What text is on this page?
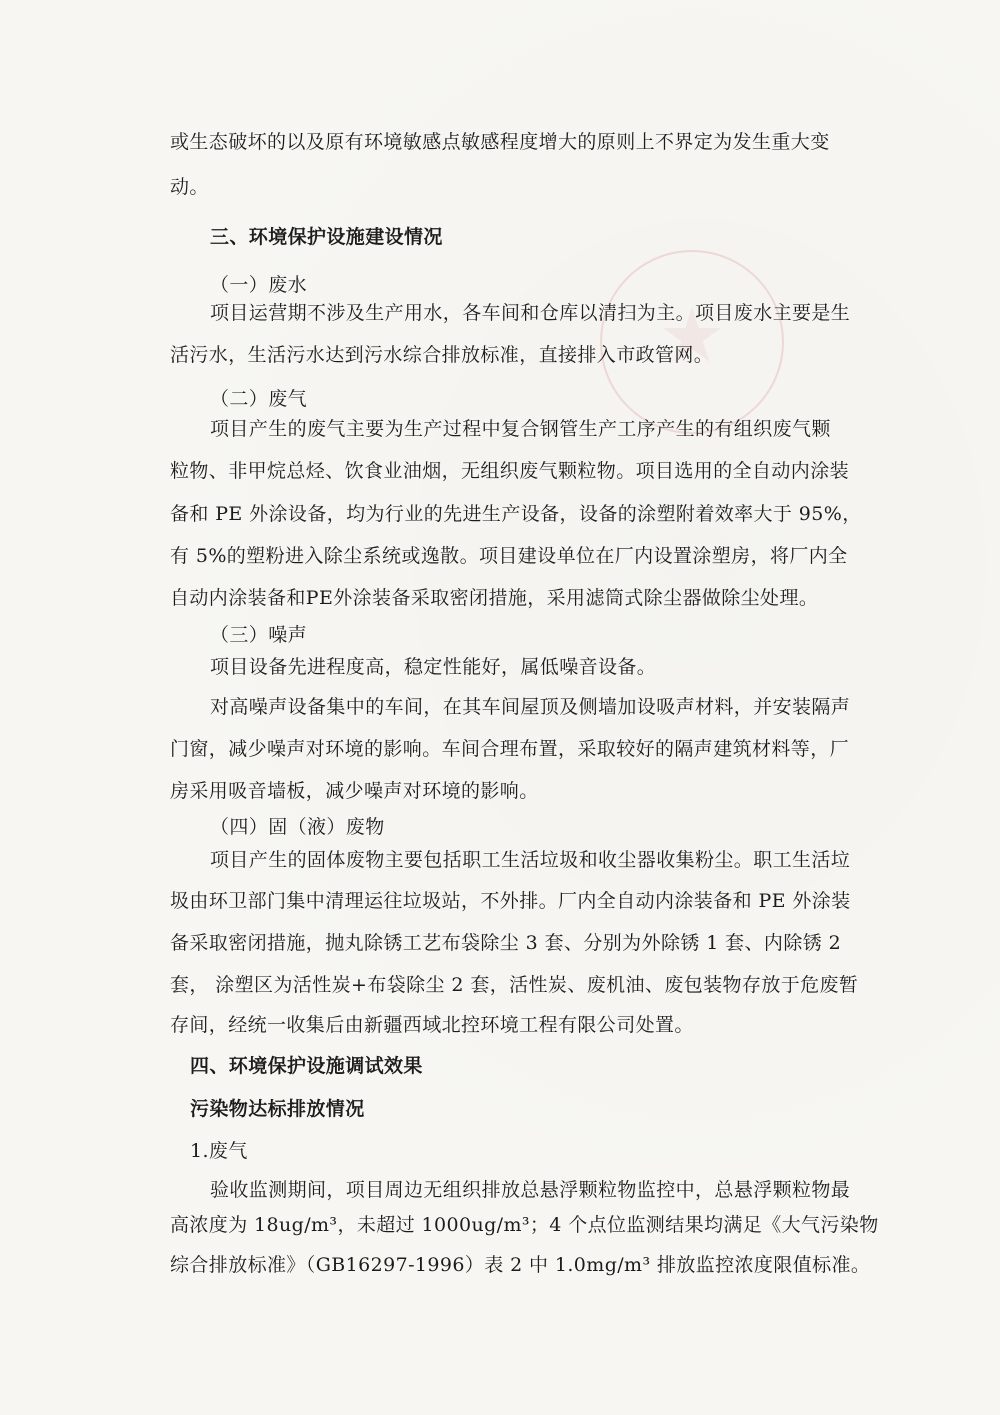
或生态破坏的以及原有环境敏感点敏感程度增大的原则上不界定为发生重大变
动。
三、环境保护设施建设情况
（一）废水
项目运营期不涉及生产用水，各车间和仓库以清扫为主。项目废水主要是生
活污水，生活污水达到污水综合排放标准，直接排入市政管网。
（二）废气
项目产生的废气主要为生产过程中复合钢管生产工序产生的有组织废气颗
粒物、非甲烷总烃、饮食业油烟，无组织废气颗粒物。项目选用的全自动内涂装
备和 PE 外涂设备，均为行业的先进生产设备，设备的涂塑附着效率大于 95%，
有 5%的塑粉进入除尘系统或逸散。项目建设单位在厂内设置涂塑房，将厂内全
自动内涂装备和PE外涂装备采取密闭措施，采用滤筒式除尘器做除尘处理。
（三）噪声
项目设备先进程度高，稳定性能好，属低噪音设备。
对高噪声设备集中的车间，在其车间屋顶及侧墙加设吸声材料，并安装隔声
门窗，减少噪声对环境的影响。车间合理布置，采取较好的隔声建筑材料等，厂
房采用吸音墙板，减少噪声对环境的影响。
（四）固（液）废物
项目产生的固体废物主要包括职工生活垃圾和收尘器收集粉尘。职工生活垃
圾由环卫部门集中清理运往垃圾站，不外排。厂内全自动内涂装备和 PE 外涂装
备采取密闭措施，抛丸除锈工艺布袋除尘 3 套、分别为外除锈 1 套、内除锈 2
套， 涂塑区为活性炭+布袋除尘 2 套，活性炭、废机油、废包装物存放于危废暂
存间，经统一收集后由新疆西域北控环境工程有限公司处置。
四、环境保护设施调试效果
污染物达标排放情况
1.废气
验收监测期间，项目周边无组织排放总悬浮颗粒物监控中，总悬浮颗粒物最
高浓度为 18ug/m³，未超过 1000ug/m³；4 个点位监测结果均满足《大气污染物
综合排放标准》（GB16297-1996）表 2 中 1.0mg/m³ 排放监控浓度限值标准。
